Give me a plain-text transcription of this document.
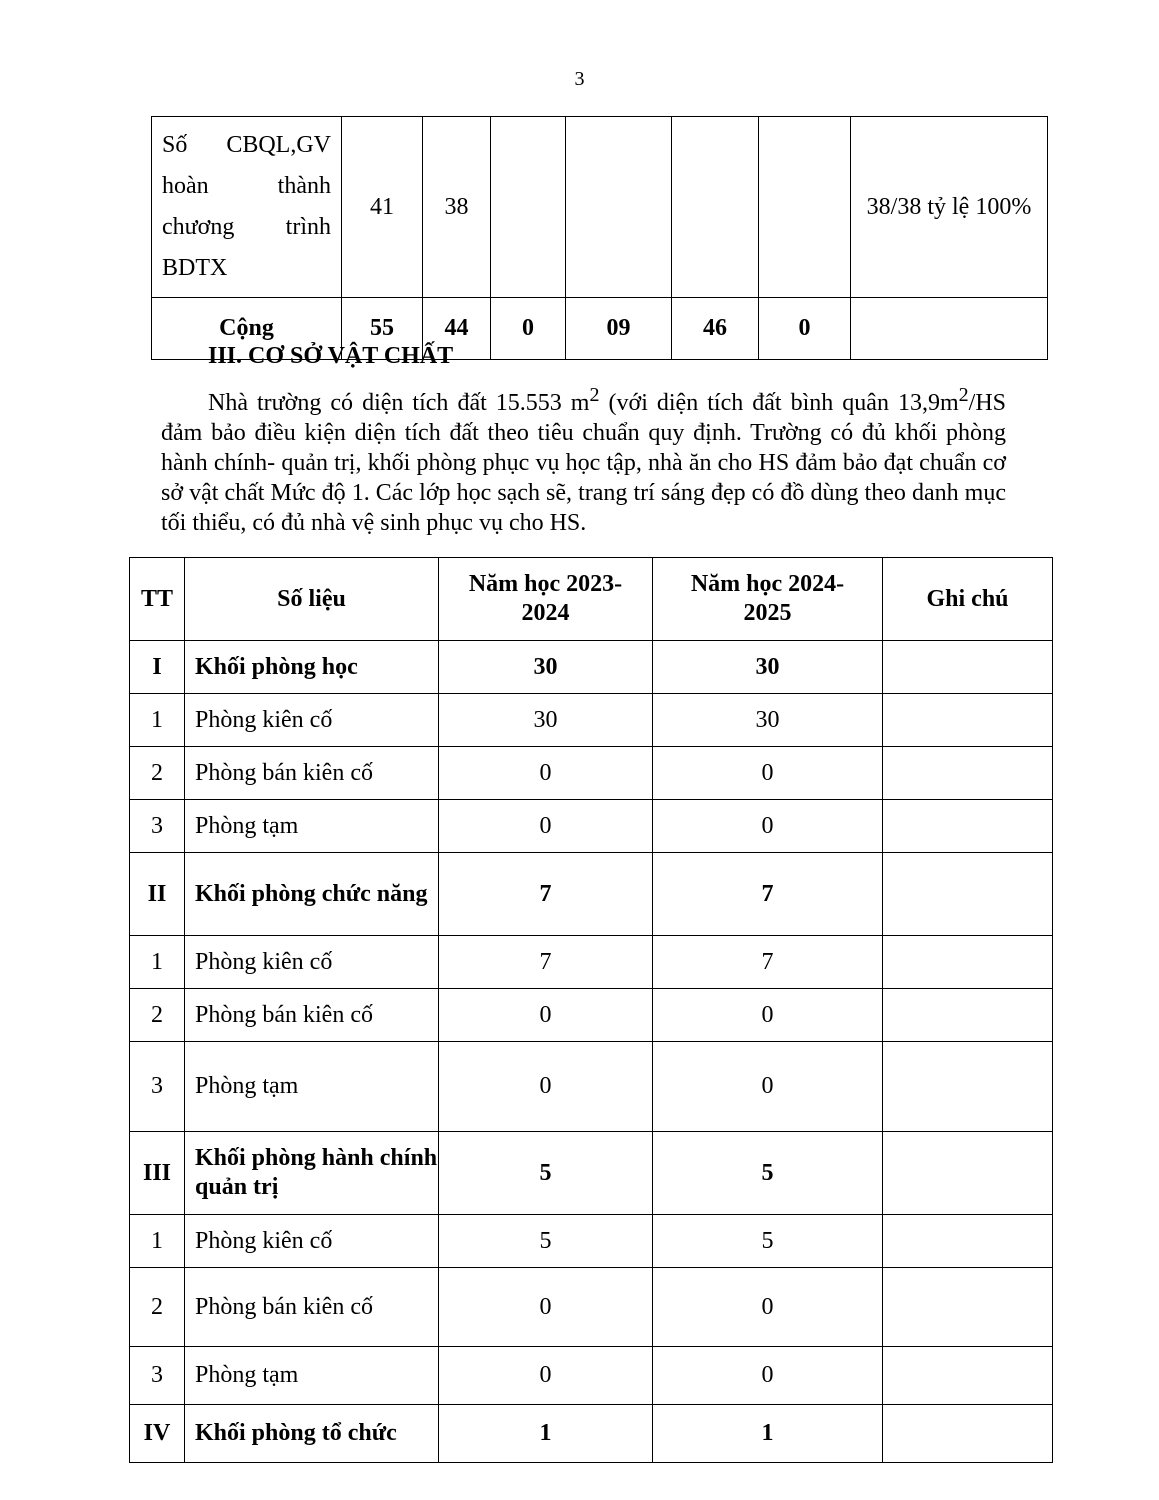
3
Số CBQL,GV
hoàn thành
chương trình
BDTX	41	38					38/38 tỷ lệ 100%
Cộng	55	44	0	09	46	0	
III. CƠ SỞ VẬT CHẤT

Nhà trường có diện tích đất 15.553 $m^2$ (với diện tích đất bình quân $13,9m^2/HS$ đảm bảo điều kiện diện tích đất theo tiêu chuẩn quy định. Trường có đủ khối phòng hành chính- quản trị, khối phòng phục vụ học tập, nhà ăn cho HS đảm bảo đạt chuẩn cơ sở vật chất Mức độ 1. Các lớp học sạch sẽ, trang trí sáng đẹp có đồ dùng theo danh mục tối thiểu, có đủ nhà vệ sinh phục vụ cho HS.

TT	Số liệu	Năm học 2023-2024	Năm học 2024-2025	Ghi chú
I	Khối phòng học	30	30	
1	Phòng kiên cố	30	30	
2	Phòng bán kiên cố	0	0	
3	Phòng tạm	0	0	
II	Khối phòng chức năng	7	7	
1	Phòng kiên cố	7	7	
2	Phòng bán kiên cố	0	0	
3	Phòng tạm	0	0	
III	Khối phòng hành chính quản trị	5	5	
1	Phòng kiên cố	5	5	
2	Phòng bán kiên cố	0	0	
3	Phòng tạm	0	0	
IV	Khối phòng tổ chức	1	1	
